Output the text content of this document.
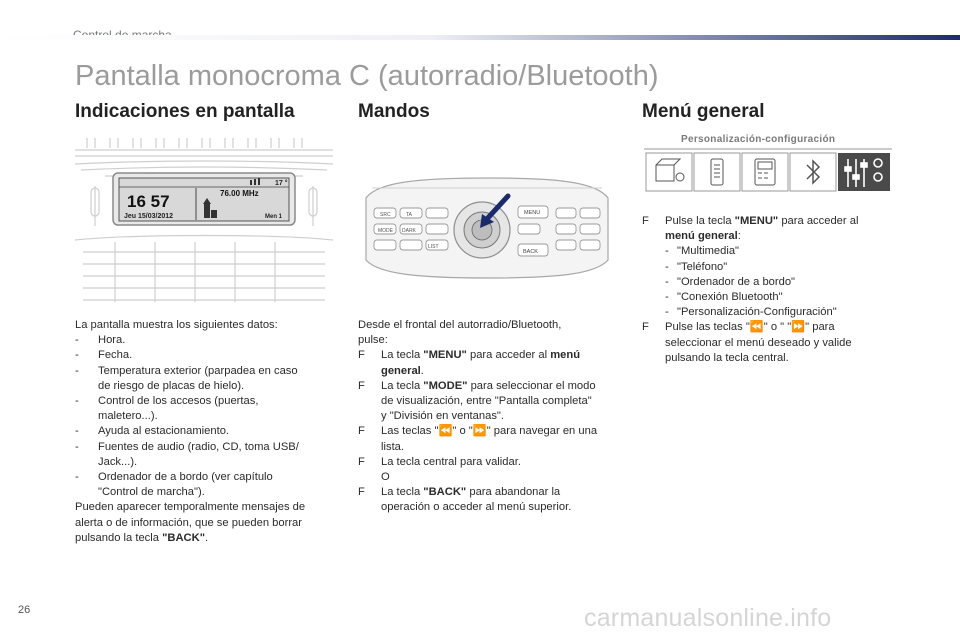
Pantalla monocroma C (autorradio/Bluetooth)
Indicaciones en pantalla
17 °
16 57
Jeu 15/03/2012
76.00 MHz
Men 1
La pantalla muestra los siguientes datos:
-	Hora.
-	Fecha.
-	Temperatura exterior (parpadea en caso
de riesgo de placas de hielo).
-	Control de los accesos (puertas,
maletero...).
-	Ayuda al estacionamiento.
-	Fuentes de audio (radio, CD, toma USB/
Jack...).
-	Ordenador de a bordo (ver capítulo
"Control de marcha").
Pueden aparecer temporalmente mensajes de
alerta o de información, que se pueden borrar
pulsando la tecla "BACK".
Mandos
SRC	TA
MODE DARK
LIST
MENU
BACK
Desde el frontal del autorradio/Bluetooth,
pulse:
F	La tecla "MENU" para acceder al menú
general.
F	La tecla "MODE" para seleccionar el modo
de visualización, entre "Pantalla completa"
y "División en ventanas".
F	Las teclas "⏪" o "⏩" para navegar en una
lista.
F	La tecla central para validar.
O
F	La tecla "BACK" para abandonar la
operación o acceder al menú superior.
Menú general
Personalización-configuración
F	Pulse la tecla "MENU" para acceder al
menú general:
- "Multimedia"
- "Teléfono"
- "Ordenador de a bordo"
- "Conexión Bluetooth"
- "Personalización-Configuración"
F	Pulse las teclas "⏪" o " "⏩" para
seleccionar el menú deseado y valide
pulsando la tecla central.
26	carmanualsonline.info
